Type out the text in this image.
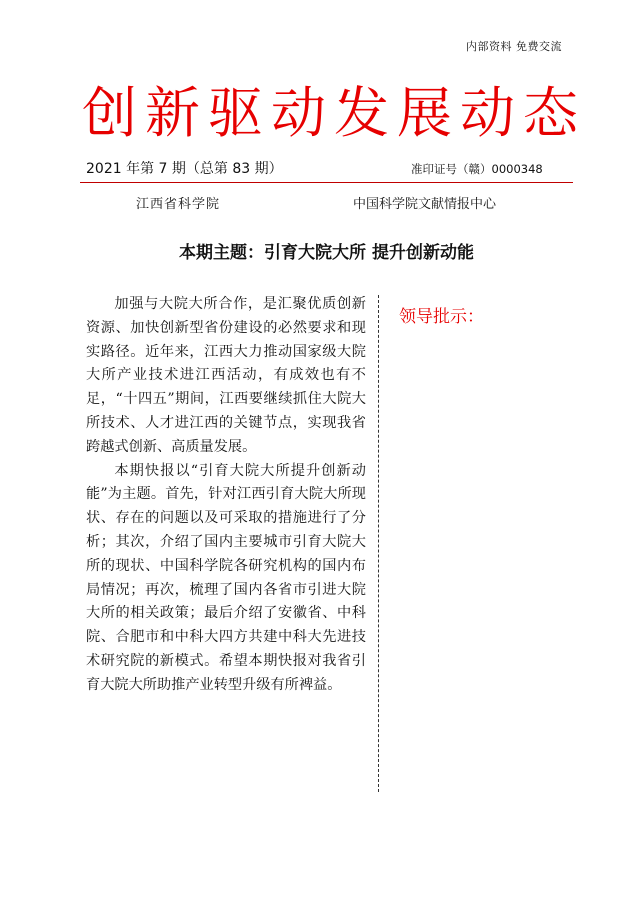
内部资料 免费交流
创新驱动发展动态
2021 年第 7 期（总第 83 期）	准印证号（赣）0000348
江西省科学院	中国科学院文献情报中心
本期主题：引育大院大所 提升创新动能

加强与大院大所合作，是汇聚优质创新资源、加快创新型省份建设的必然要求和现实路径。近年来，江西大力推动国家级大院大所产业技术进江西活动，有成效也有不足，“十四五”期间，江西要继续抓住大院大所技术、人才进江西的关键节点，实现我省跨越式创新、高质量发展。

本期快报以“引育大院大所提升创新动能”为主题。首先，针对江西引育大院大所现状、存在的问题以及可采取的措施进行了分析；其次，介绍了国内主要城市引育大院大所的现状、中国科学院各研究机构的国内布局情况；再次，梳理了国内各省市引进大院大所的相关政策；最后介绍了安徽省、中科院、合肥市和中科大四方共建中科大先进技术研究院的新模式。希望本期快报对我省引育大院大所助推产业转型升级有所裨益。

领导批示：
